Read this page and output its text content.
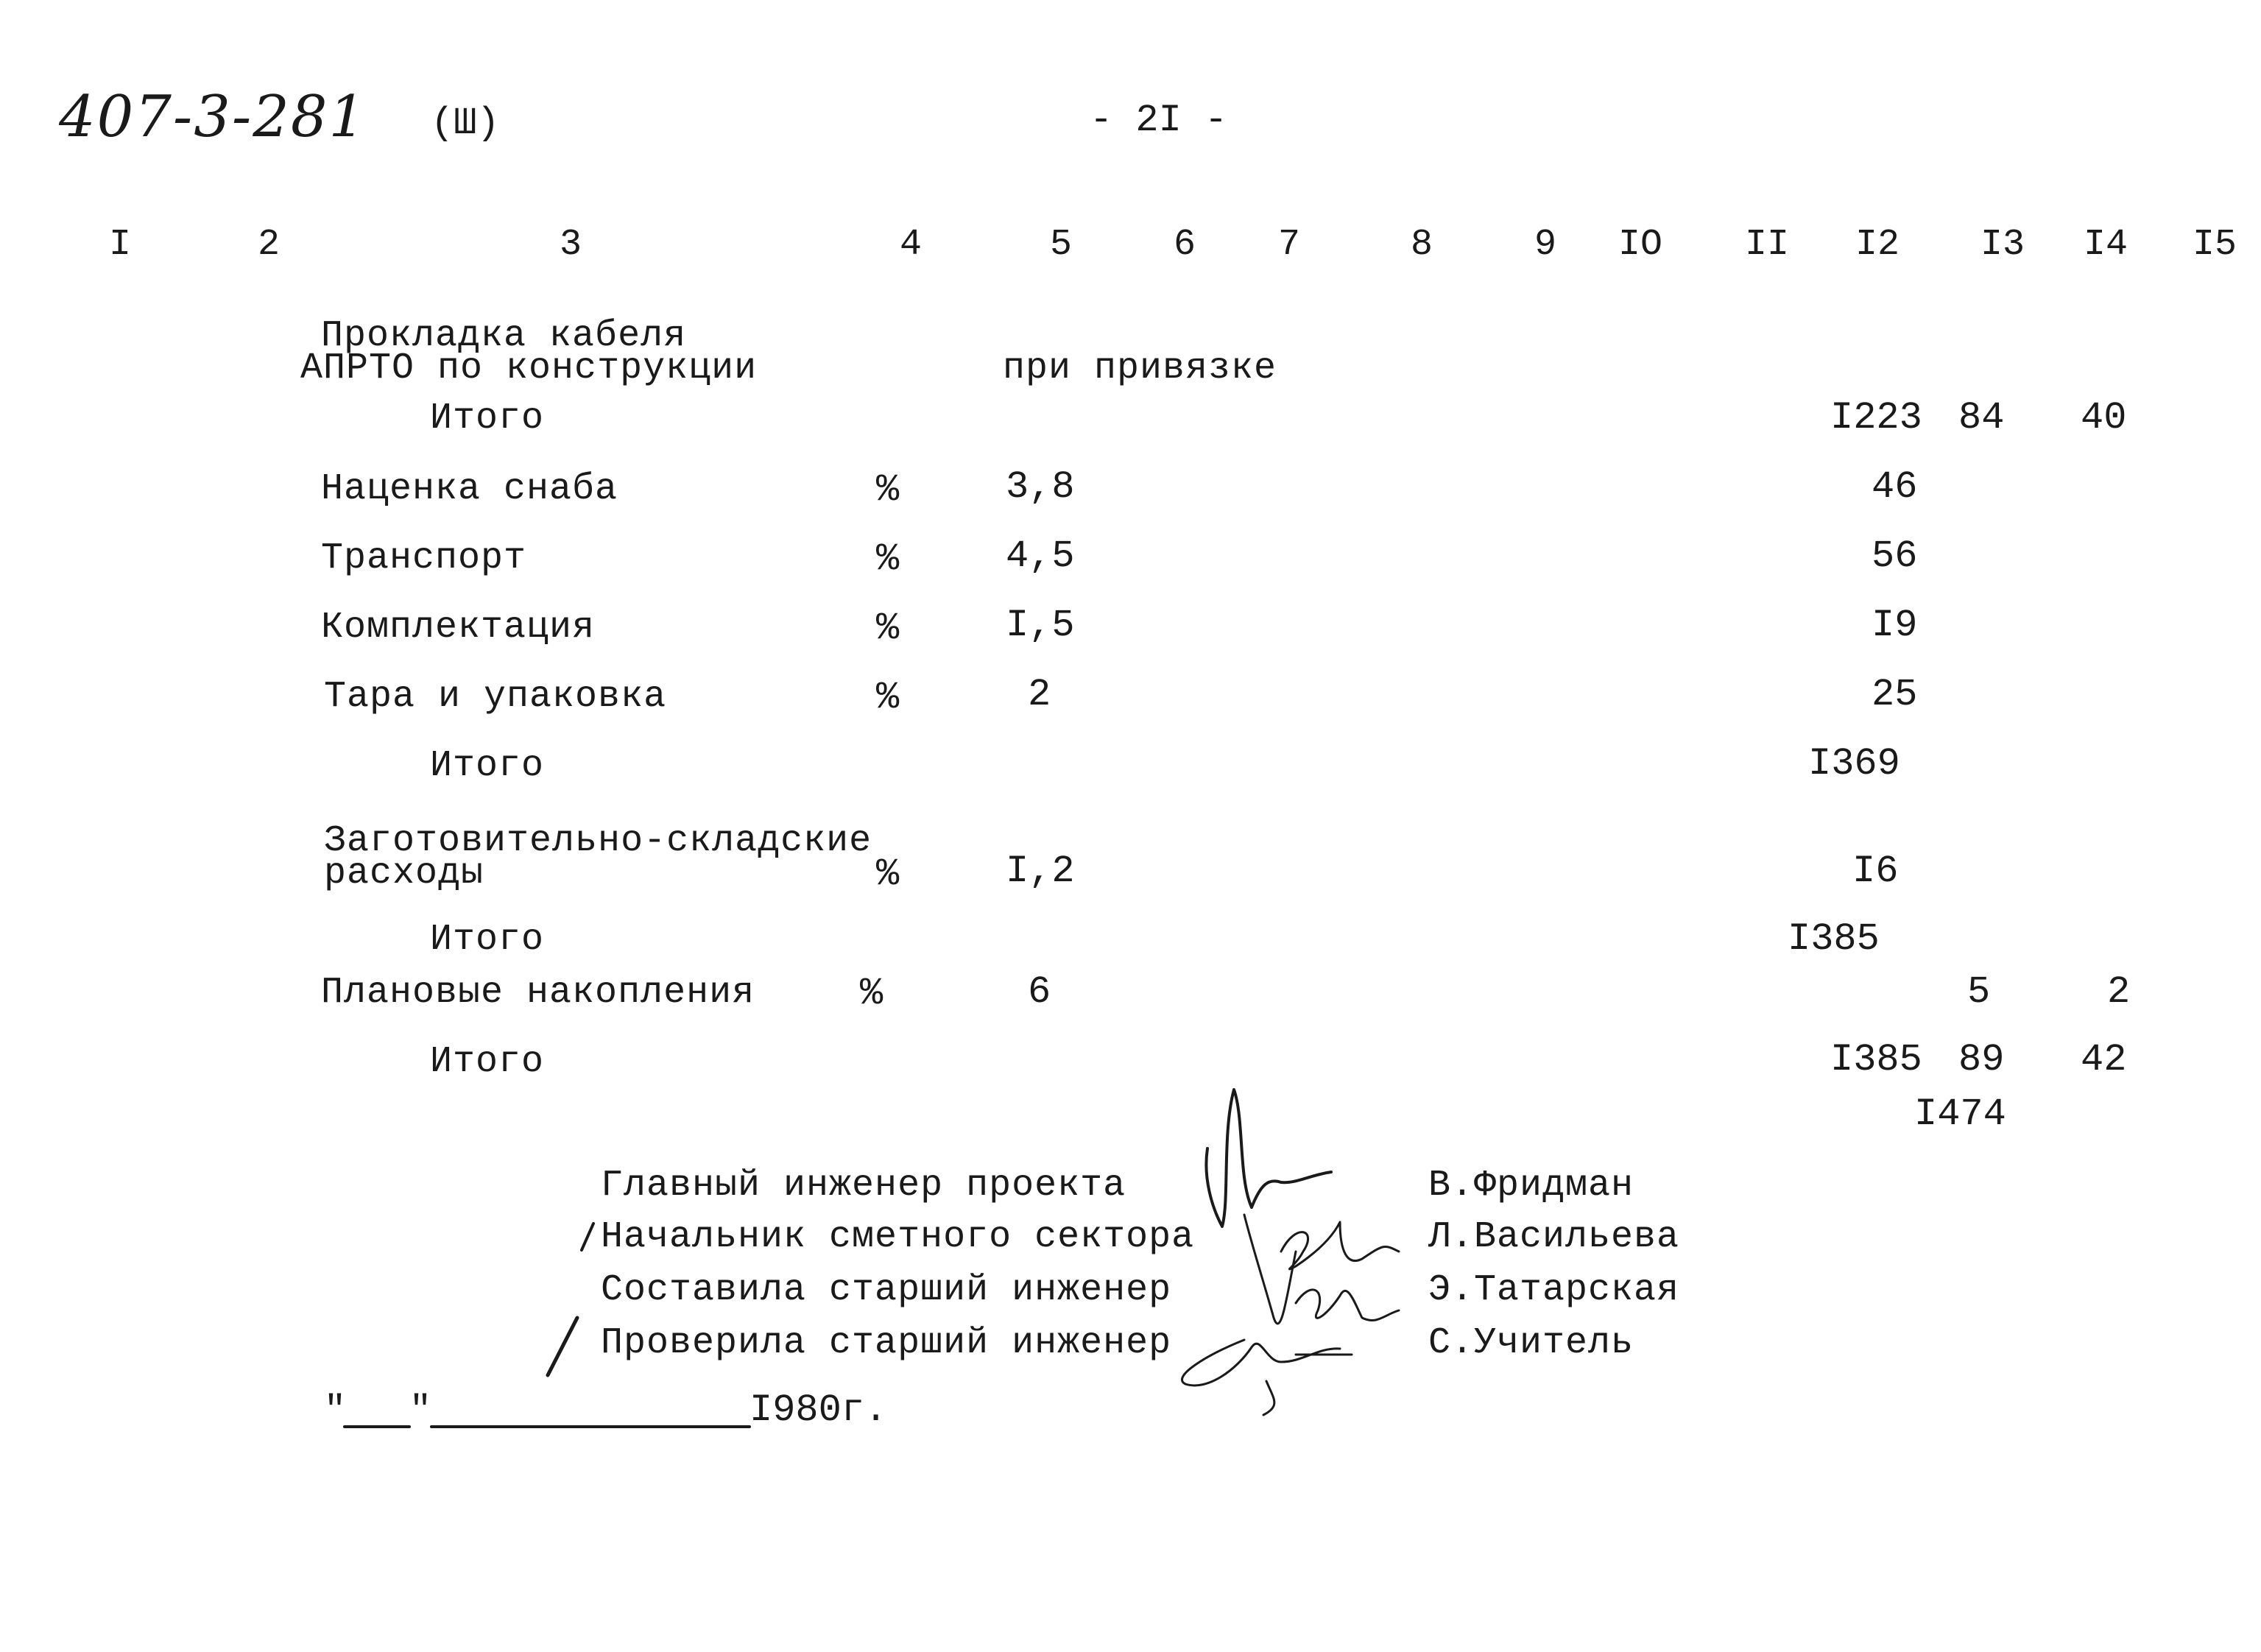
407-3-281 (Ш)	- 2I -
I	2	3	4	5	6 7	8	9 IO II I2 I3 I4 I5
Прокладка кабеля
АПРТО по конструкции	при привязке
Итого	I223 84 40
Наценка снаба	%	3,8	46
Транспорт	%	4,5	56
Комплектация	%	I,5	I9
Тара и упаковка	%	2	25
Итого	I369
Заготовительно-складские
расходы	%	I,2	I6
Итого	I385
Плановые накопления	%	6	5	2
Итого	I385 89 42
I474
Главный инженер проекта	В.Фридман
Начальник сметного сектора	Л.Васильева
Составила старший инженер	Э.Татарская
Проверила старший инженер	С.Учитель
" "	I980г.
